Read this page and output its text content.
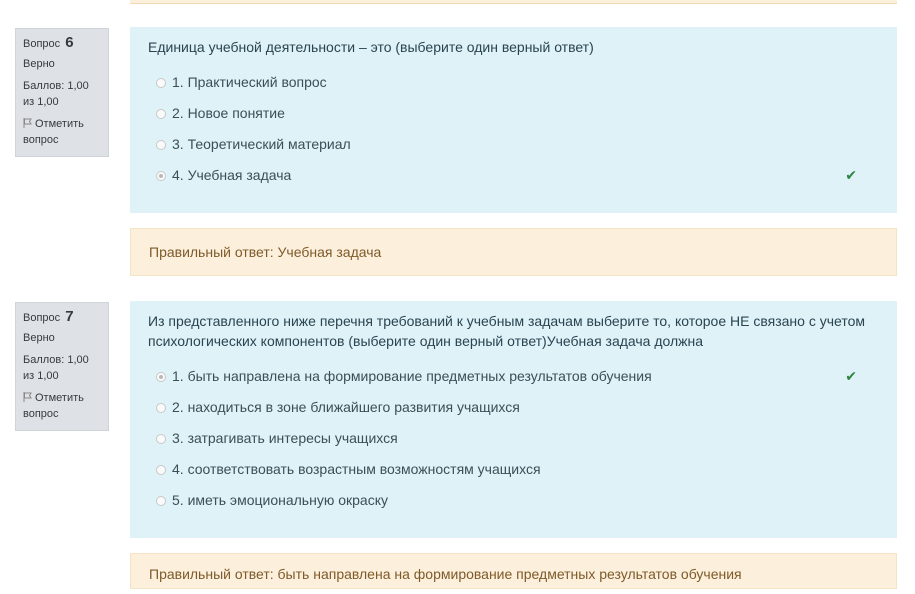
Вопрос 6
Верно
Баллов: 1,00 из 1,00
Отметить вопрос
Единица учебной деятельности – это (выберите один верный ответ)
1. Практический вопрос
2. Новое понятие
3. Теоретический материал
4. Учебная задача	✔
Правильный ответ: Учебная задача
Вопрос 7
Верно
Баллов: 1,00 из 1,00
Отметить вопрос
Из представленного ниже перечня требований к учебным задачам выберите то, которое НЕ связано с учетом психологических компонентов (выберите один верный ответ)Учебная задача должна
1. быть направлена на формирование предметных результатов обучения	✔
2. находиться в зоне ближайшего развития учащихся
3. затрагивать интересы учащихся
4. соответствовать возрастным возможностям учащихся
5. иметь эмоциональную окраску
Правильный ответ: быть направлена на формирование предметных результатов обучения
